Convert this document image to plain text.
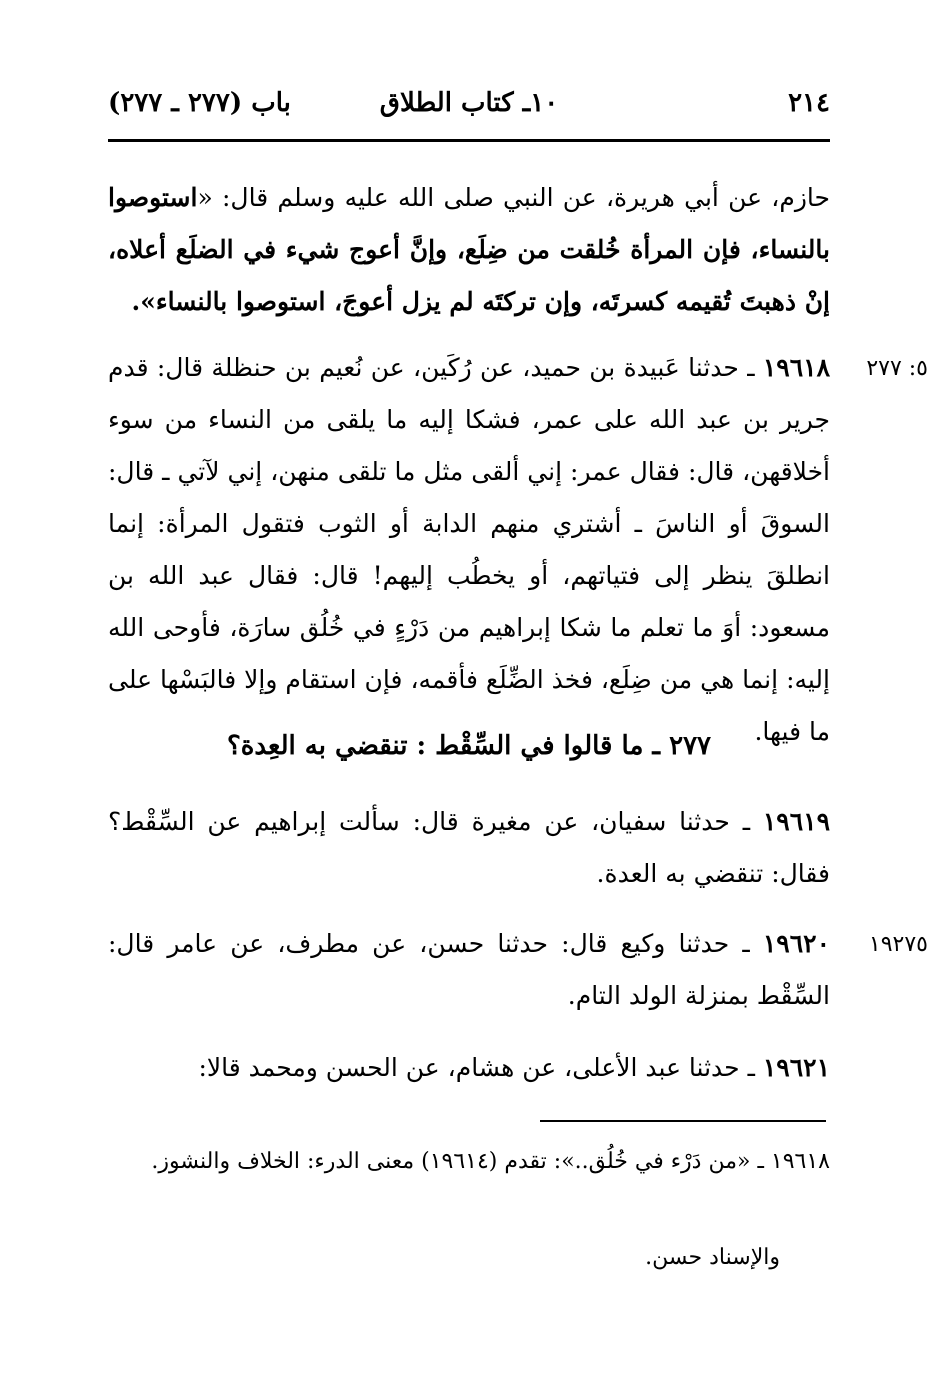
٢١٤
١٠ـ كتاب الطلاق
باب (٢٧٧ ـ ٢٧٧)
حازم، عن أبي هريرة، عن النبي صلى الله عليه وسلم قال: «استوصوا بالنساء، فإن المرأة خُلقت من ضِلَع، وإنَّ أعوج شيء في الضلَع أعلاه، إنْ ذهبتَ تُقيمه كسرتَه، وإن تركتَه لم يزل أعوجَ، استوصوا بالنساء».
٥: ٢٧٧
١٩٦١٨ ـ حدثنا عَبيدة بن حميد، عن رُكَين، عن نُعيم بن حنظلة قال: قدم جرير بن عبد الله على عمر، فشكا إليه ما يلقى من النساء من سوء أخلاقهن، قال: فقال عمر: إني ألقى مثل ما تلقى منهن، إني لآتي ـ قال: السوقَ أو الناسَ ـ أشتري منهم الدابة أو الثوب فتقول المرأة: إنما انطلقَ ينظر إلى فتياتهم، أو يخطُب إليهم! قال: فقال عبد الله بن مسعود: أوَ ما تعلم ما شكا إبراهيم من دَرْءٍ في خُلُق سارَة، فأوحى الله إليه: إنما هي من ضِلَع، فخذ الضِّلَع فأقمه، فإن استقام وإلا فالبَسْها على ما فيها.
٢٧٧ ـ ما قالوا في السِّقْط : تنقضي به العِدة؟
١٩٦١٩ ـ حدثنا سفيان، عن مغيرة قال: سألت إبراهيم عن السِّقْط؟ فقال: تنقضي به العدة.
١٩٢٧٥
١٩٦٢٠ ـ حدثنا وكيع قال: حدثنا حسن، عن مطرف، عن عامر قال: السِّقْط بمنزلة الولد التام.
١٩٦٢١ ـ حدثنا عبد الأعلى، عن هشام، عن الحسن ومحمد قالا:
١٩٦١٨ ـ «من دَرْء في خُلُق..»: تقدم (١٩٦١٤) معنى الدرء: الخلاف والنشوز.
والإسناد حسن.
